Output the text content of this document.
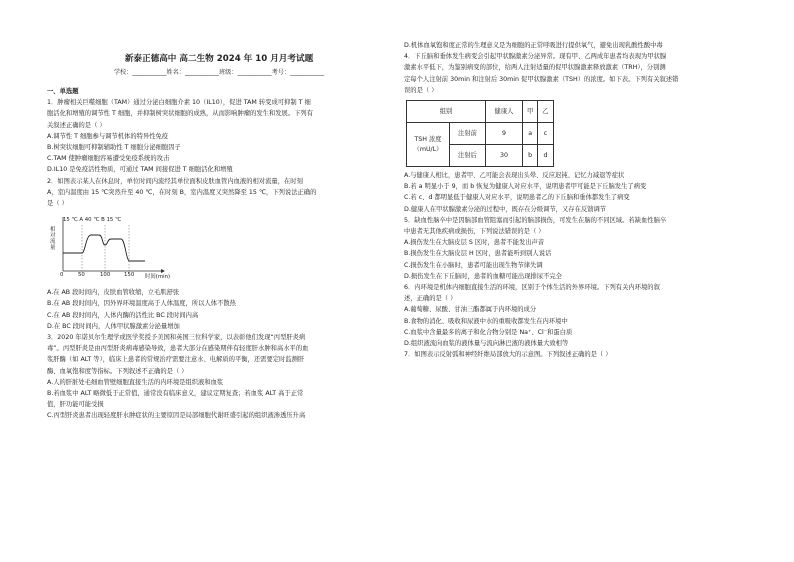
新泰正德高中 高二生物 2024 年 10 月月考试题
学校：___________姓名：___________班级：___________考号：___________
一、单选题

1．肿瘤相关巨噬细胞（TAM）通过分泌白细胞介素 10（IL10），促进 TAM 转变成可抑制 T 细

胞活化和增殖的调节性 T 细胞，并抑制树突状细胞的成熟，从而影响肿瘤的发生和发展。下列有

关叙述正确的是（ ）

A.调节性 T 细胞参与调节机体的特异性免疫

B.树突状细胞可抑制辅助性 T 细胞分泌细胞因子

C.TAM 使肿瘤细胞容易遭受免疫系统的攻击

D.IL10 是免疫活性物质，可通过 TAM 间接促进 T 细胞活化和增殖

2．如图表示某人在休息时，单位时间内流经其单位面积皮肤血管内血液的相对流量，在时刻

A，室内温度由 15 ℃突然升至 40 ℃，在时刻 B，室内温度又突然降至 15 ℃，下列说法正确的

是（ ）

15 ℃ A 40 ℃ B 15 ℃
相对流量
0	50	100	150 时间(min)

A.在 AB 段时间内，皮肤血管收缩，立毛肌舒张

B.在 AB 段时间内，因外界环境温度高于人体温度，所以人体不散热

C.在 AB 段时间内，人体内酶的活性比 BC 段时间内高

D.在 BC 段时间内，人体甲状腺激素分泌量增加

3．2020 年诺贝尔生理学或医学奖授予美国和英国三位科学家，以表彰他们发现“丙型肝炎病

毒”。丙型肝炎是由丙型肝炎病毒感染导致，患者大部分在感染期伴有轻度肝水肿和高水平的血

浆肝酶（如 ALT 等），临床上患者的常规治疗需要注意水、电解质的平衡，还需要定时监测肝

酶、血氧饱和度等指标。下列叙述不正确的是（ ）

A.人的肝脏处毛细血管壁细胞直接生活的内环境是组织液和血浆

B.若血浆中 ALT 略微低于正常值，通常没有临床意义，建议定期复查；若血浆 ALT 高于正常

值，肝功能可能受损

C.丙型肝炎患者出现轻度肝水肿症状的主要原因是局部细胞代谢旺盛引起的组织液渗透压升高

D.机体血氧饱和度正常的生理意义是为细胞的正常呼吸进行提供氧气，避免出现乳酸性酸中毒

4．下丘脑和垂体发生病变会引起甲状腺激素分泌异常。现有甲、乙两成年患者均表现为甲状腺

激素水平低下，为鉴别病变的部位，给两人注射适量的促甲状腺激素释放激素（TRH），分别测

定每个人注射前 30min 和注射后 30min 促甲状腺激素（TSH）的浓度。如下表。下列有关叙述错

误的是（ ）

组别		健康人	甲	乙
TSH 浓度（mU/L）	注射前	9	a	c
	注射后	30	b	d

A.与健康人相比，患者甲、乙可能会表现出头晕、反应迟钝、记忆力减退等症状

B.若 a 明显小于 9，而 b 恢复为健康人对应水平，说明患者甲可能是下丘脑发生了病变

C.若 c、d 都明显低于健康人对应水平，说明患者乙的下丘脑和垂体都发生了病变

D.健康人在甲状腺激素分泌的过程中，既存在分级调节，又存在反馈调节

5．缺血性脑卒中是因脑部血管阻塞而引起的脑部损伤，可发生在脑的不同区域。若缺血性脑卒

中患者无其他疾病或损伤，下列说法错误的是（ ）

A.损伤发生在大脑皮层 S 区时，患者不能发出声音

B.损伤发生在大脑皮层 H 区时，患者能听到别人说话

C.损伤发生在小脑时，患者可能出现生物节律失调

D.损伤发生在下丘脑时，患者的血糖可能出现排尿不完全

6．内环境是机体内细胞直接生活的环境，区别于个体生活的外界环境。下列有关内环境的叙

述，正确的是（ ）

A.葡萄糖、尿酸、甘油三酯都属于内环境的成分

B.食物的消化、吸收和尿液中水的重吸收都发生在内环境中

C.血浆中含量最多的离子和化合物分别是 Na⁺、Cl⁻和蛋白质

D.组织液流向血浆的液体量与流向淋巴液的液体量大致相等

7．如图表示反射弧和神经纤维局部放大的示意图。下列叙述正确的是（ ）
